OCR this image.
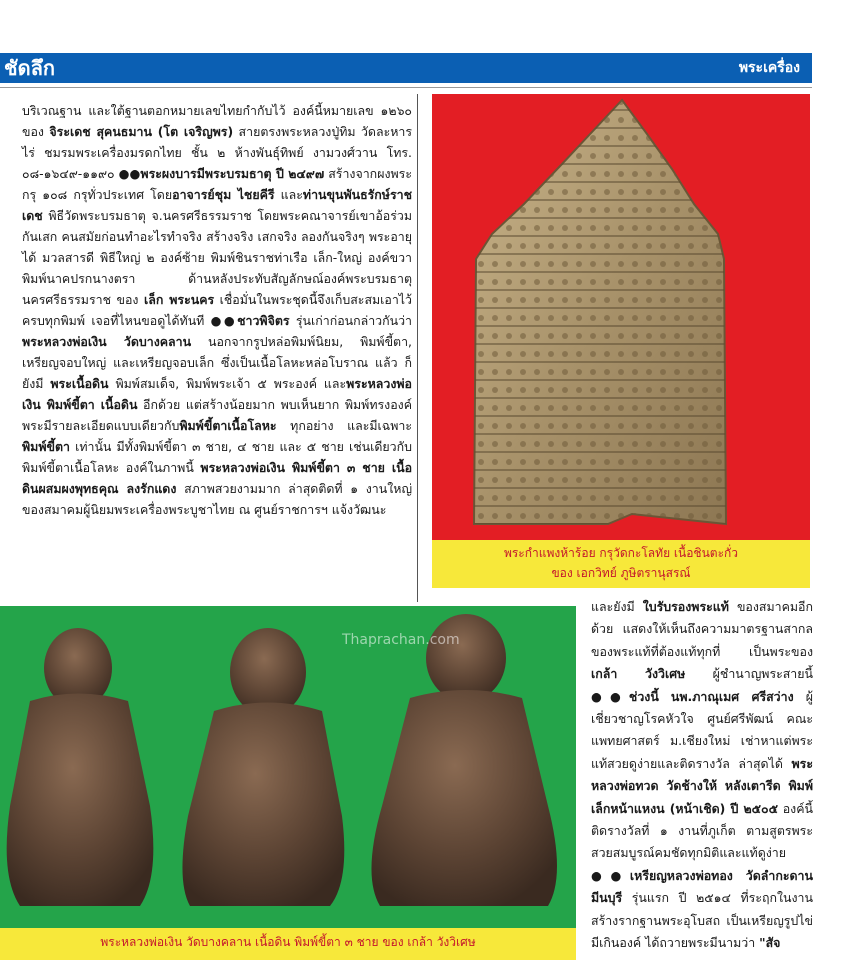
ชัดลึก	พระเครื่อง

บริเวณฐาน และใต้ฐานตอกหมายเลขไทยกำกับไว้ องค์นี้หมายเลข ๑๒๖๐ ของ จิระเดช สุคนธมาน (โต เจริญพร) สายตรงพระหลวงปู่ทิม วัดละหารไร่ ชมรมพระเครื่องมรดกไทย ชั้น ๒ ห้างพันธุ์ทิพย์ งามวงศ์วาน โทร. ๐๘-๑๖๔๙-๑๑๙๐ ●●พระผงบารมีพระบรมธาตุ ปี ๒๔๙๗ สร้างจากผงพระกรุ ๑๐๘ กรุทั่วประเทศ โดยอาจารย์ชุม ไชยคีรี และท่านขุนพันธรักษ์ราชเดช พิธีวัดพระบรมธาตุ จ.นครศรีธรรมราช โดยพระคณาจารย์เขาอ้อร่วมกันเสก คนสมัยก่อนทำอะไรทำจริง สร้างจริง เสกจริง ลองกันจริงๆ พระอายุได้ มวลสารดี พิธีใหญ่ ๒ องค์ซ้าย พิมพ์ชินราชท่าเรือ เล็ก-ใหญ่ องค์ขวา พิมพ์นาคปรกนางตรา ด้านหลังประทับสัญลักษณ์องค์พระบรมธาตุนครศรีธรรมราช ของ เล็ก พระนคร เชื่อมั่นในพระชุดนี้จึงเก็บสะสมเอาไว้ครบทุกพิมพ์ เจอที่ไหนขอดูได้ทันที ●●ชาวพิจิตร รุ่นเก่าก่อนกล่าวกันว่า พระหลวงพ่อเงิน วัดบางคลาน นอกจากรูปหล่อพิมพ์นิยม, พิมพ์ขี้ตา, เหรียญจอบใหญ่ และเหรียญจอบเล็ก ซึ่งเป็นเนื้อโลหะหล่อโบราณ แล้ว ก็ยังมี พระเนื้อดิน พิมพ์สมเด็จ, พิมพ์พระเจ้า ๕ พระองค์ และพระหลวงพ่อเงิน พิมพ์ขี้ตา เนื้อดิน อีกด้วย แต่สร้างน้อยมาก พบเห็นยาก พิมพ์ทรงองค์พระมีรายละเอียดแบบเดียวกับพิมพ์ขี้ตาเนื้อโลหะ ทุกอย่าง และมีเฉพาะ พิมพ์ขี้ตา เท่านั้น มีทั้งพิมพ์ขี้ตา ๓ ชาย, ๔ ชาย และ ๕ ชาย เช่นเดียวกับพิมพ์ขี้ตาเนื้อโลหะ องค์ในภาพนี้ พระหลวงพ่อเงิน พิมพ์ขี้ตา ๓ ชาย เนื้อดินผสมผงพุทธคุณ ลงรักแดง สภาพสวยงามมาก ล่าสุดติดที่ ๑ งานใหญ่ของสมาคมผู้นิยมพระเครื่องพระบูชาไทย ณ ศูนย์ราชการฯ แจ้งวัฒนะ

พระกำแพงห้าร้อย กรุวัดกะโลทัย เนื้อชินตะกั่ว
ของ เอกวิทย์ ภูษิตรานุสรณ์
Thaprachan.com
พระหลวงพ่อเงิน วัดบางคลาน เนื้อดิน พิมพ์ขี้ตา ๓ ชาย ของ เกล้า วังวิเศษ

และยังมี ใบรับรองพระแท้ ของสมาคมอีกด้วย แสดงให้เห็นถึงความมาตรฐานสากลของพระแท้ที่ต้องแท้ทุกที่ เป็นพระของ เกล้า วังวิเศษ ผู้ชำนาญพระสายนี้ ●●ช่วงนี้ นพ.ภาณุเมศ ศรีสว่าง ผู้เชี่ยวชาญโรคหัวใจ ศูนย์ศรีพัฒน์ คณะแพทยศาสตร์ ม.เชียงใหม่ เช่าหาแต่พระแท้สวยดูง่ายและติดรางวัล ล่าสุดได้ พระหลวงพ่อทวด วัดช้างให้ หลังเตารีด พิมพ์เล็กหน้าแหงน (หน้าเชิด) ปี ๒๕๐๕ องค์นี้ติดรางวัลที่ ๑ งานที่ภูเก็ต ตามสูตรพระสวยสมบูรณ์คมชัดทุกมิติและแท้ดูง่าย ●●เหรียญหลวงพ่อทอง วัดลำกะดาน มีนบุรี รุ่นแรก ปี ๒๕๑๔ ที่ระฤกในงานสร้างรากฐานพระอุโบสถ เป็นเหรียญรูปไข่ มีเกินองค์ ได้ถวายพระมีนามว่า "สัจ
